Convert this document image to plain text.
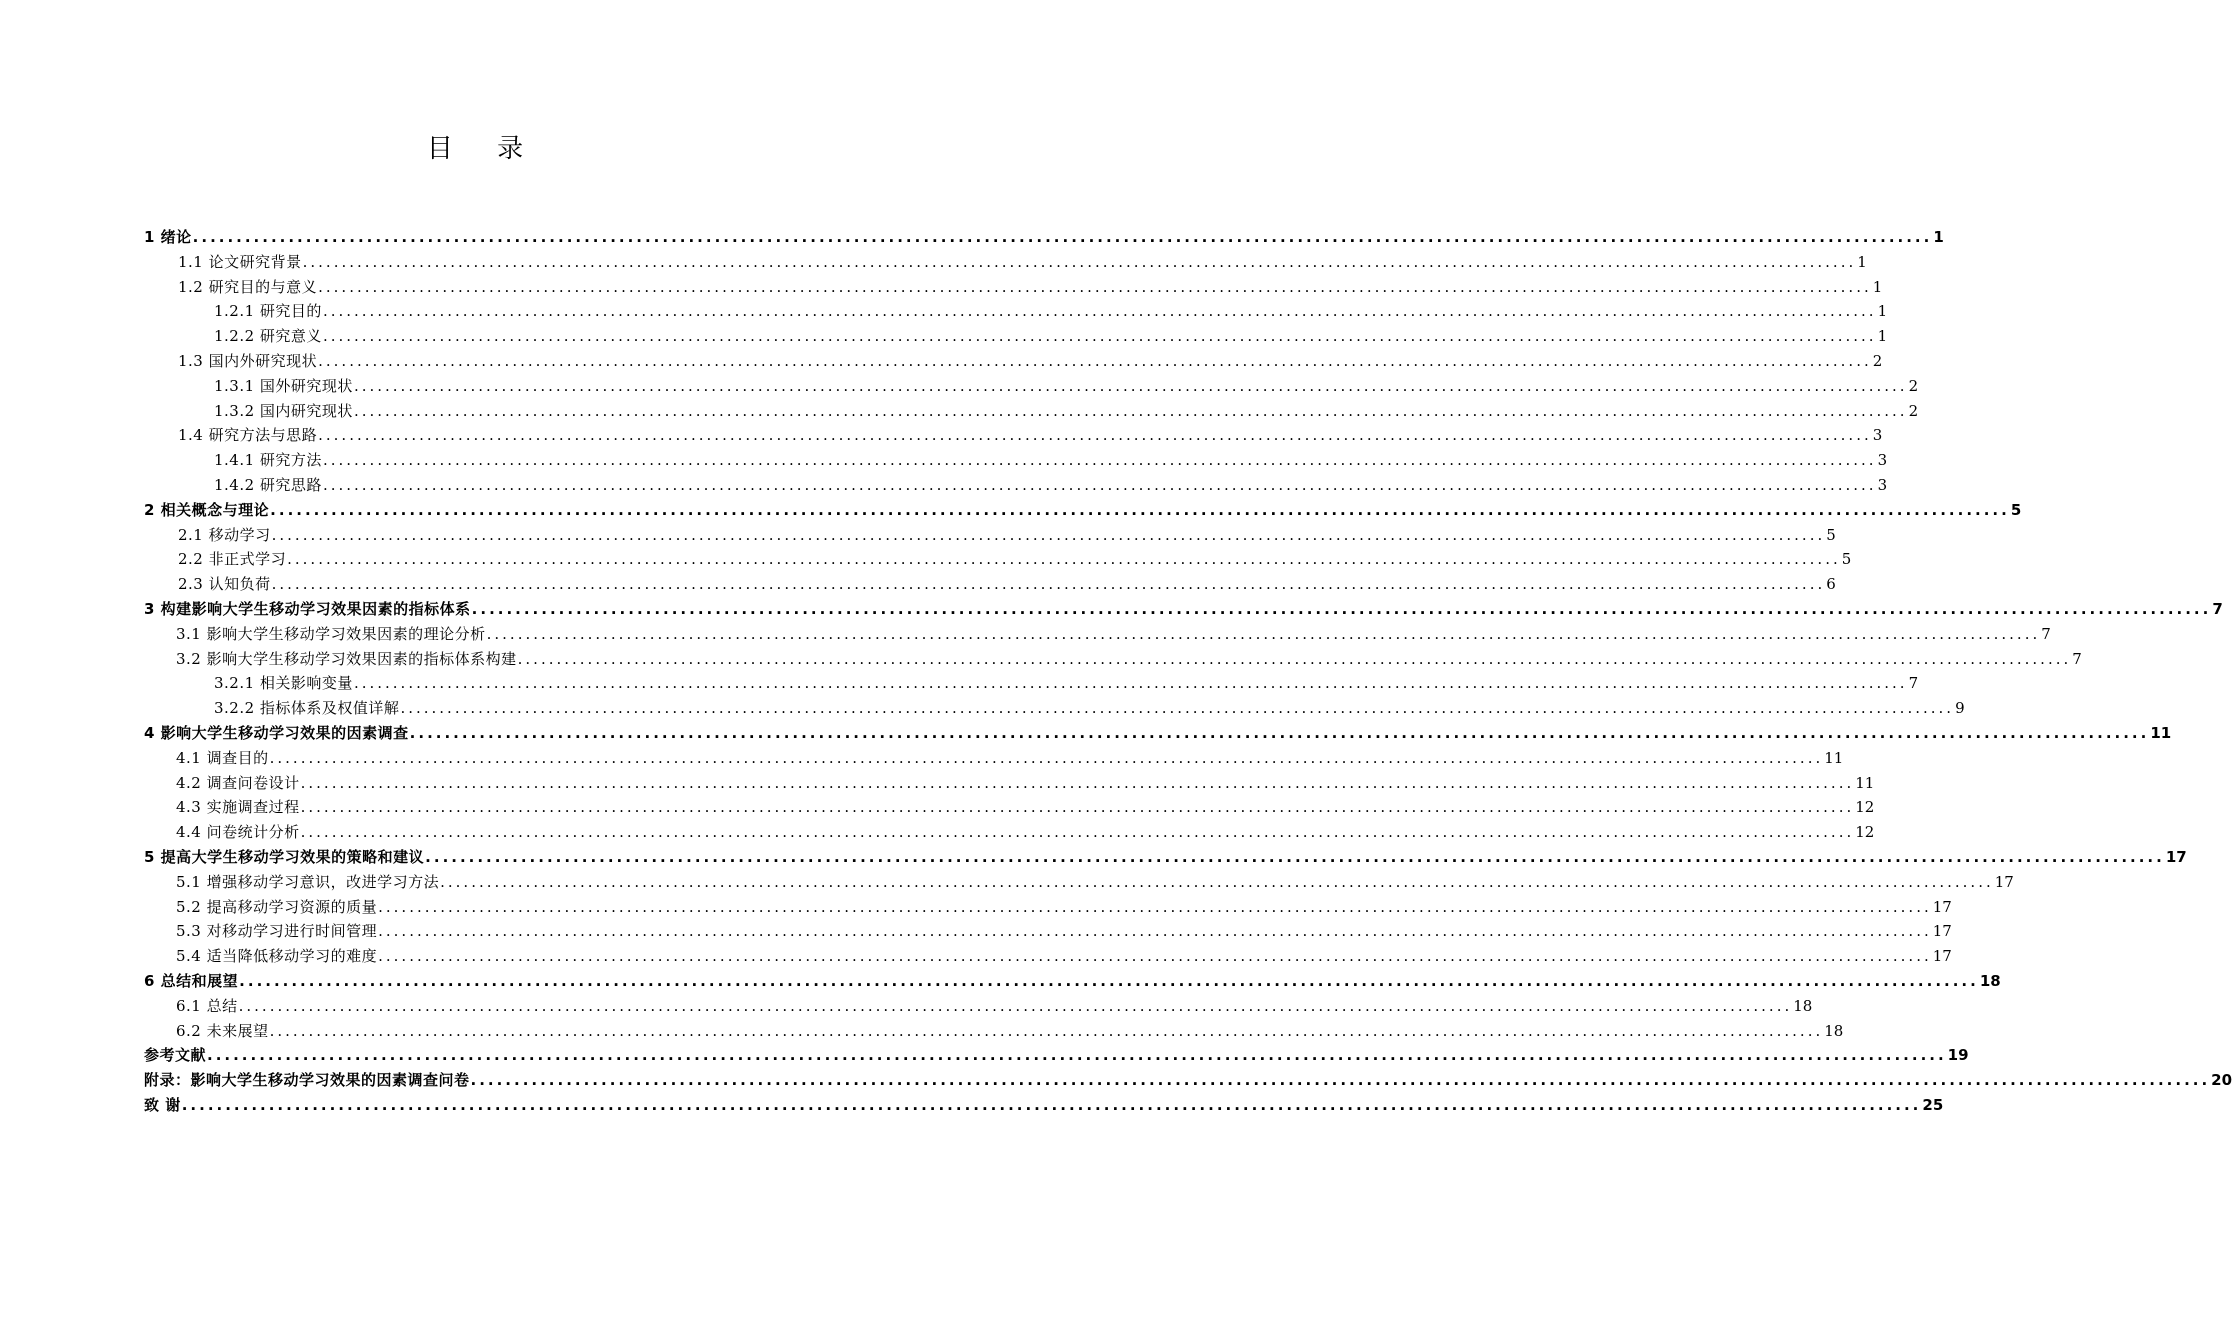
目 录
1 绪论 ........................................................................................................................................................................................................ 1
1.1 论文研究背景 ........................................................................................................................................................................................................ 1
1.2 研究目的与意义 ........................................................................................................................................................................................................ 1
1.2.1 研究目的 ........................................................................................................................................................................................................ 1
1.2.2 研究意义 ........................................................................................................................................................................................................ 1
1.3 国内外研究现状 ........................................................................................................................................................................................................ 2
1.3.1 国外研究现状 ........................................................................................................................................................................................................ 2
1.3.2 国内研究现状 ........................................................................................................................................................................................................ 2
1.4 研究方法与思路 ........................................................................................................................................................................................................ 3
1.4.1 研究方法 ........................................................................................................................................................................................................ 3
1.4.2 研究思路 ........................................................................................................................................................................................................ 3
2 相关概念与理论 ........................................................................................................................................................................................................ 5
2.1 移动学习 ........................................................................................................................................................................................................ 5
2.2 非正式学习 ........................................................................................................................................................................................................ 5
2.3 认知负荷 ........................................................................................................................................................................................................ 6
3 构建影响大学生移动学习效果因素的指标体系 ........................................................................................................................................................................................................ 7
3.1 影响大学生移动学习效果因素的理论分析 ........................................................................................................................................................................................................ 7
3.2 影响大学生移动学习效果因素的指标体系构建 ........................................................................................................................................................................................................ 7
3.2.1 相关影响变量 ........................................................................................................................................................................................................ 7
3.2.2 指标体系及权值详解 ........................................................................................................................................................................................................ 9
4 影响大学生移动学习效果的因素调查 ........................................................................................................................................................................................................ 11
4.1 调查目的 ........................................................................................................................................................................................................ 11
4.2 调查问卷设计 ........................................................................................................................................................................................................ 11
4.3 实施调查过程 ........................................................................................................................................................................................................ 12
4.4 问卷统计分析 ........................................................................................................................................................................................................ 12
5 提高大学生移动学习效果的策略和建议 ........................................................................................................................................................................................................ 17
5.1 增强移动学习意识，改进学习方法 ........................................................................................................................................................................................................ 17
5.2 提高移动学习资源的质量 ........................................................................................................................................................................................................ 17
5.3 对移动学习进行时间管理 ........................................................................................................................................................................................................ 17
5.4 适当降低移动学习的难度 ........................................................................................................................................................................................................ 17
6 总结和展望 ........................................................................................................................................................................................................ 18
6.1 总结 ........................................................................................................................................................................................................ 18
6.2 未来展望 ........................................................................................................................................................................................................ 18
参考文献 ........................................................................................................................................................................................................ 19
附录：影响大学生移动学习效果的因素调查问卷 ........................................................................................................................................................................................................ 20
致 谢 ........................................................................................................................................................................................................ 25
